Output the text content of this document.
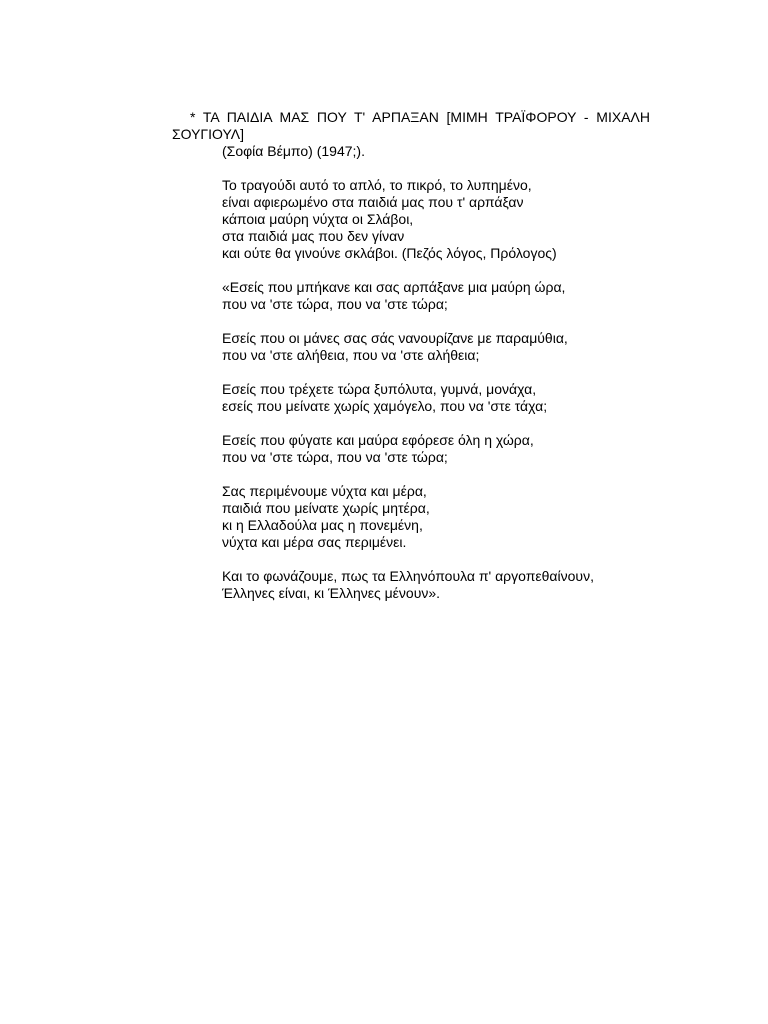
* ΤΑ ΠΑΙΔΙΑ ΜΑΣ ΠΟΥ Τ' ΑΡΠΑΞΑΝ [ΜΙΜΗ ΤΡΑΪΦΟΡΟΥ - ΜΙΧΑΛΗ ΣΟΥΓΙΟΥΛ]

(Σοφία Βέμπο) (1947;).

Το τραγούδι αυτό το απλό, το πικρό, το λυπημένο,
είναι αφιερωμένο στα παιδιά μας που τ' αρπάξαν
κάποια μαύρη νύχτα οι Σλάβοι,
στα παιδιά μας που δεν γίναν
και ούτε θα γινούνε σκλάβοι. (Πεζός λόγος, Πρόλογος)
«Εσείς που μπήκανε και σας αρπάξανε μια μαύρη ώρα,
που να 'στε τώρα, που να 'στε τώρα;
Εσείς που οι μάνες σας σάς νανουρίζανε με παραμύθια,
που να 'στε αλήθεια, που να 'στε αλήθεια;
Εσείς που τρέχετε τώρα ξυπόλυτα, γυμνά, μονάχα,
εσείς που μείνατε χωρίς χαμόγελο, που να 'στε τάχα;
Εσείς που φύγατε και μαύρα εφόρεσε όλη η χώρα,
που να 'στε τώρα, που να 'στε τώρα;
Σας περιμένουμε νύχτα και μέρα,
παιδιά που μείνατε χωρίς μητέρα,
κι η Ελλαδούλα μας η πονεμένη,
νύχτα και μέρα σας περιμένει.
Και το φωνάζουμε, πως τα Ελληνόπουλα π' αργοπεθαίνουν,
Έλληνες είναι, κι Έλληνες μένουν».
